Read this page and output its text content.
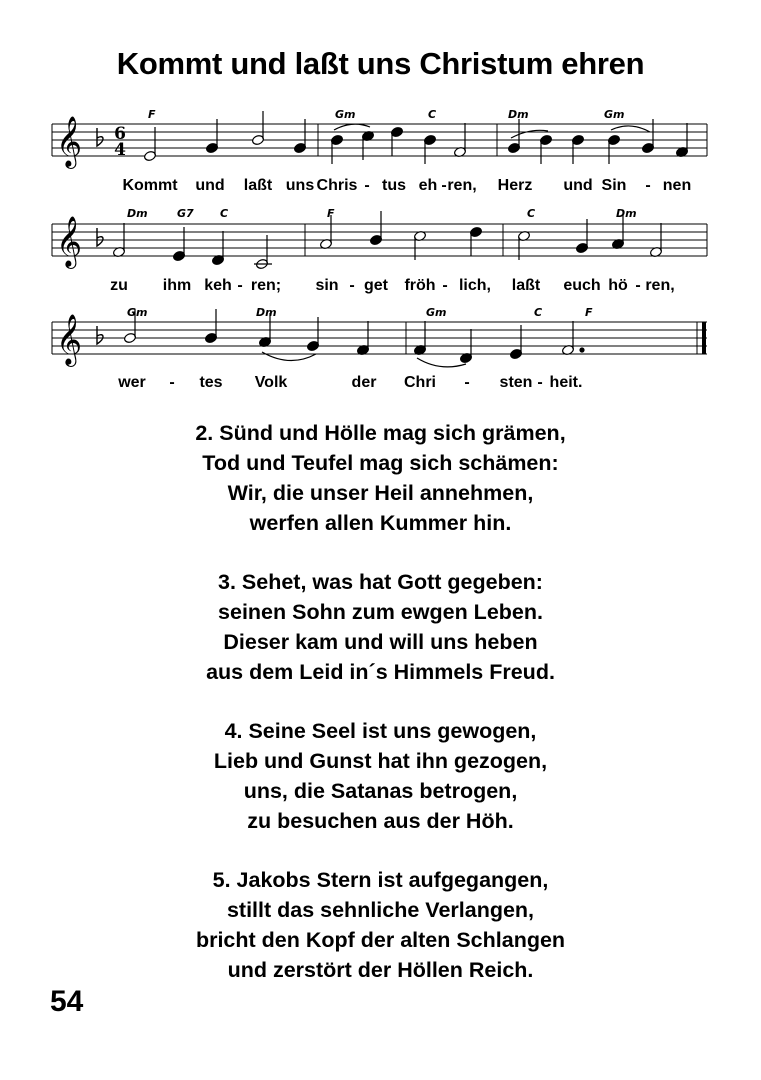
Kommt und laßt uns Christum ehren
𝄞 6
4
F	Gm	C	Dm	Gm
Kommt und laßt uns Chris - tus eh - ren, Herz und Sin - nen
𝄞
Dm	G7 C	F	C	Dm
zu ihm keh - ren; sin - get fröh - lich, laßt euch hö - ren,
𝄞
Gm	Dm	Gm	C	F
wer - tes Volk	der Chri - sten - heit.
2. Sünd und Hölle mag sich grämen,
Tod und Teufel mag sich schämen:
Wir, die unser Heil annehmen,
werfen allen Kummer hin.
3. Sehet, was hat Gott gegeben:
seinen Sohn zum ewgen Leben.
Dieser kam und will uns heben
aus dem Leid in´s Himmels Freud.
4. Seine Seel ist uns gewogen,
Lieb und Gunst hat ihn gezogen,
uns, die Satanas betrogen,
zu besuchen aus der Höh.
5. Jakobs Stern ist aufgegangen,
stillt das sehnliche Verlangen,
bricht den Kopf der alten Schlangen
und zerstört der Höllen Reich.
54
